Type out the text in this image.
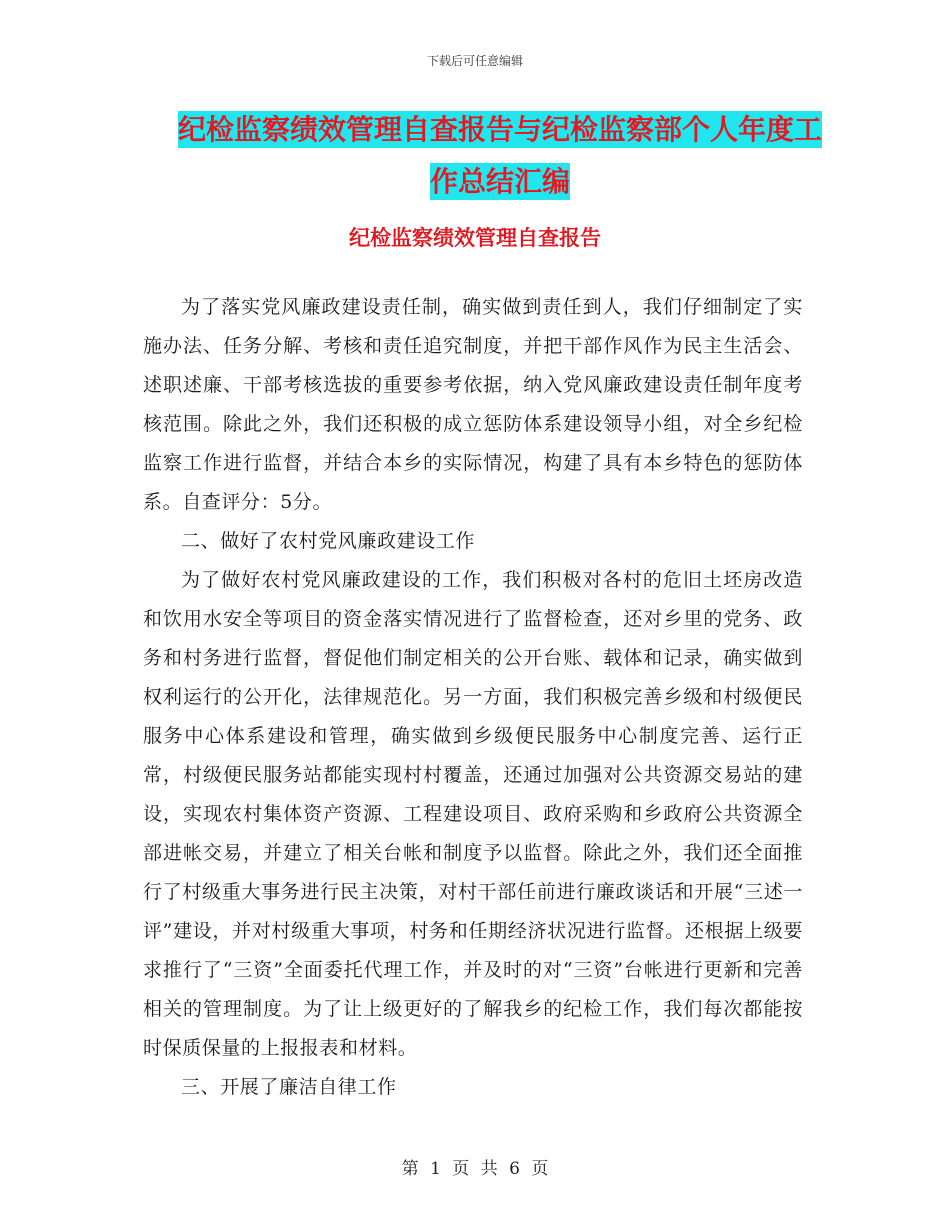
下载后可任意编辑
纪检监察绩效管理自查报告与纪检监察部个人年度工
作总结汇编
纪检监察绩效管理自查报告

为了落实党风廉政建设责任制，确实做到责任到人，我们仔细制定了实施办法、任务分解、考核和责任追究制度，并把干部作风作为民主生活会、述职述廉、干部考核选拔的重要参考依据，纳入党风廉政建设责任制年度考核范围。除此之外，我们还积极的成立惩防体系建设领导小组，对全乡纪检监察工作进行监督，并结合本乡的实际情况，构建了具有本乡特色的惩防体系。自查评分：5分。

二、做好了农村党风廉政建设工作

为了做好农村党风廉政建设的工作，我们积极对各村的危旧土坯房改造和饮用水安全等项目的资金落实情况进行了监督检查，还对乡里的党务、政务和村务进行监督，督促他们制定相关的公开台账、载体和记录，确实做到权利运行的公开化，法律规范化。另一方面，我们积极完善乡级和村级便民服务中心体系建设和管理，确实做到乡级便民服务中心制度完善、运行正常，村级便民服务站都能实现村村覆盖，还通过加强对公共资源交易站的建设，实现农村集体资产资源、工程建设项目、政府采购和乡政府公共资源全部进帐交易，并建立了相关台帐和制度予以监督。除此之外，我们还全面推行了村级重大事务进行民主决策，对村干部任前进行廉政谈话和开展“三述一评”建设，并对村级重大事项，村务和任期经济状况进行监督。还根据上级要求推行了“三资”全面委托代理工作，并及时的对“三资”台帐进行更新和完善相关的管理制度。为了让上级更好的了解我乡的纪检工作，我们每次都能按时保质保量的上报报表和材料。

三、开展了廉洁自律工作

第 1 页 共 6 页
